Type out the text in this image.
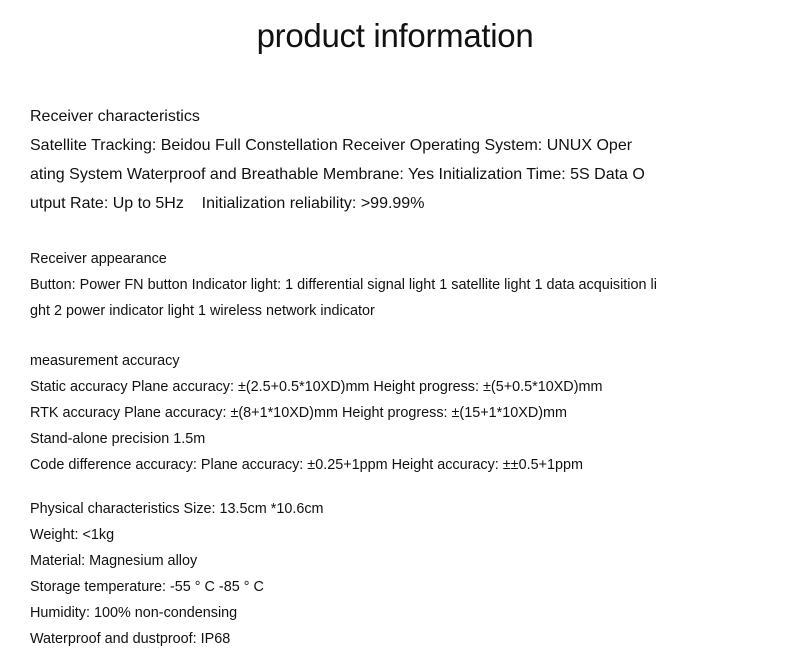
product information
Receiver characteristics
Satellite Tracking: Beidou Full Constellation Receiver Operating System: UNUX Oper
ating System Waterproof and Breathable Membrane: Yes Initialization Time: 5S Data O
utput Rate: Up to 5Hz    Initialization reliability: >99.99%
Receiver appearance
Button: Power FN button Indicator light: 1 differential signal light 1 satellite light 1 data acquisition li
ght 2 power indicator light 1 wireless network indicator
measurement accuracy
Static accuracy Plane accuracy: ±(2.5+0.5*10XD)mm Height progress: ±(5+0.5*10XD)mm
RTK accuracy Plane accuracy: ±(8+1*10XD)mm Height progress: ±(15+1*10XD)mm
Stand-alone precision 1.5m
Code difference accuracy: Plane accuracy: ±0.25+1ppm Height accuracy: ±±0.5+1ppm
Physical characteristics Size: 13.5cm *10.6cm
Weight: <1kg
Material: Magnesium alloy
Storage temperature: -55 ° C -85 ° C
Humidity: 100% non-condensing
Waterproof and dustproof: IP68
